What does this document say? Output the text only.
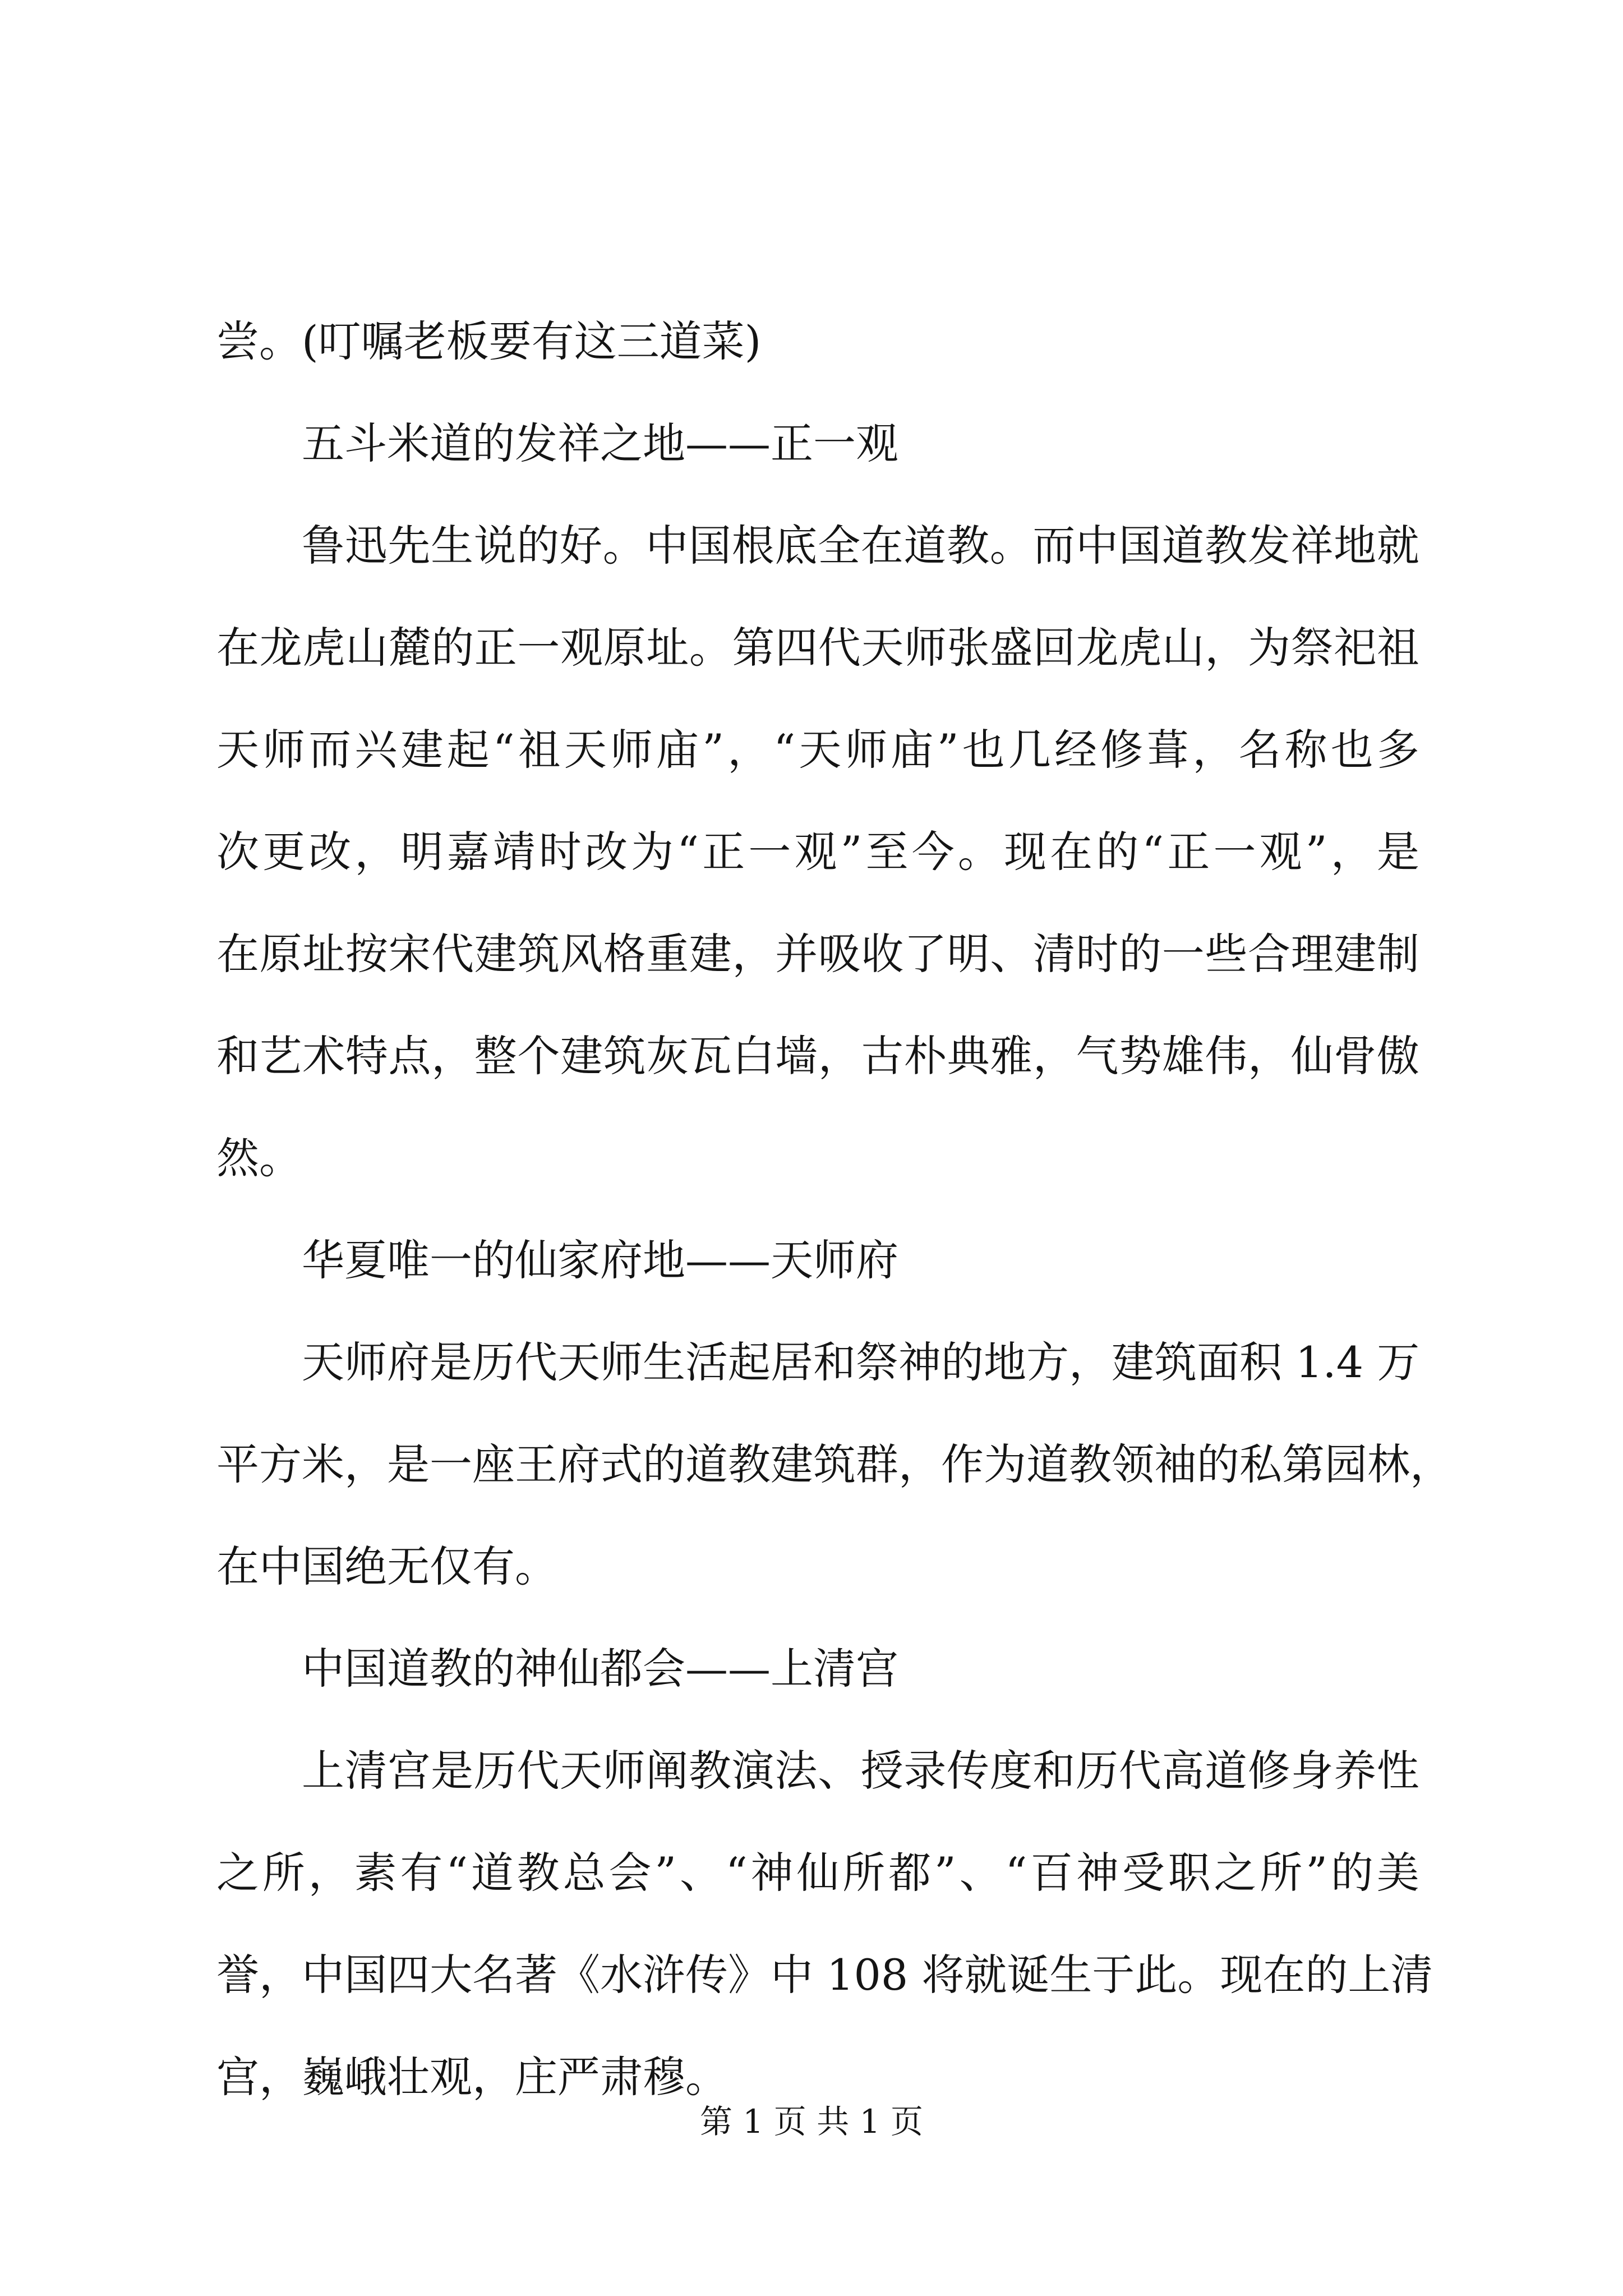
尝。(叮嘱老板要有这三道菜)
五斗米道的发祥之地——正一观
鲁 迅 先 生 说 的 好 。 中 国 根 底 全 在 道 教 。 而 中 国 道 教 发 祥 地 就
在 龙 虎 山 麓 的 正 一 观 原 址 。 第 四 代 天 师 张 盛 回 龙 虎 山 ， 为 祭 祀 祖
天 师 而 兴 建 起 “ 祖 天 师 庙 ” ， “ 天 师 庙 ” 也 几 经 修 葺 ， 名 称 也 多
次 更 改 ， 明 嘉 靖 时 改 为 “ 正 一 观 ” 至 今 。 现 在 的 “ 正 一 观 ” ， 是
在 原 址 按 宋 代 建 筑 风 格 重 建 ， 并 吸 收 了 明 、 清 时 的 一 些 合 理 建 制
和 艺 术 特 点 ， 整 个 建 筑 灰 瓦 白 墙 ， 古 朴 典 雅 ， 气 势 雄 伟 ， 仙 骨 傲
然。
华夏唯一的仙家府地——天师府
天 师 府 是 历 代 天 师 生 活 起 居 和 祭 神 的 地 方 ， 建 筑 面 积
1 . 4
万
平 方 米 ， 是 一 座 王 府 式 的 道 教 建 筑 群 ， 作 为 道 教 领 袖 的 私 第 园 林 ，
在中国绝无仅有。
中国道教的神仙都会——上清宫
上 清 宫 是 历 代 天 师 阐 教 演 法 、 授 录 传 度 和 历 代 高 道 修 身 养 性
之 所 ， 素 有 “ 道 教 总 会 ” 、 “ 神 仙 所 都 ” 、 “ 百 神 受 职 之 所 ” 的 美
誉 ， 中 国 四 大 名 著 《 水 浒 传 》 中
1 0 8
将 就 诞 生 于 此 。 现 在 的 上 清
宫，巍峨壮观，庄严肃穆。
第 1 页 共 1 页
